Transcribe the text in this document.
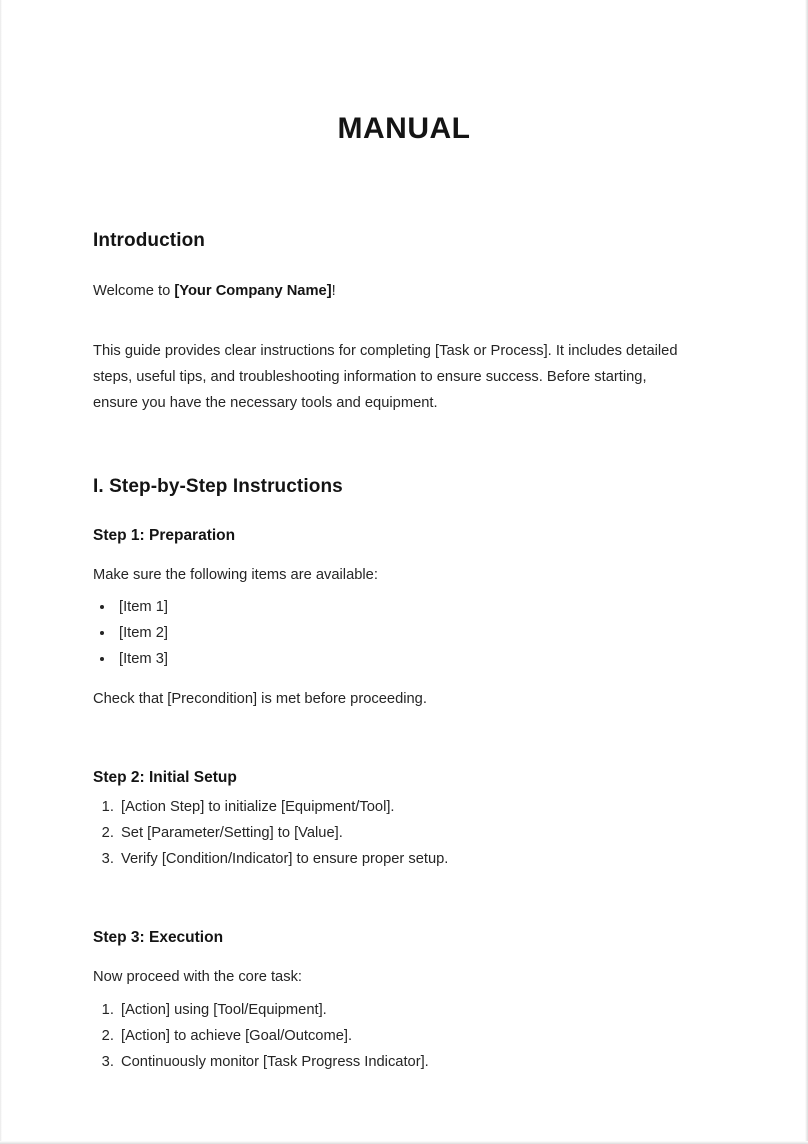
MANUAL
Introduction

Welcome to [Your Company Name]!

This guide provides clear instructions for completing [Task or Process]. It includes detailed steps, useful tips, and troubleshooting information to ensure success. Before starting, ensure you have the necessary tools and equipment.

I. Step-by-Step Instructions
Step 1: Preparation

Make sure the following items are available:

• [Item 1]
• [Item 2]
• [Item 3]

Check that [Precondition] is met before proceeding.

Step 2: Initial Setup
1. [Action Step] to initialize [Equipment/Tool].
2. Set [Parameter/Setting] to [Value].
3. Verify [Condition/Indicator] to ensure proper setup.
Step 3: Execution

Now proceed with the core task:

1. [Action] using [Tool/Equipment].
2. [Action] to achieve [Goal/Outcome].
3. Continuously monitor [Task Progress Indicator].
